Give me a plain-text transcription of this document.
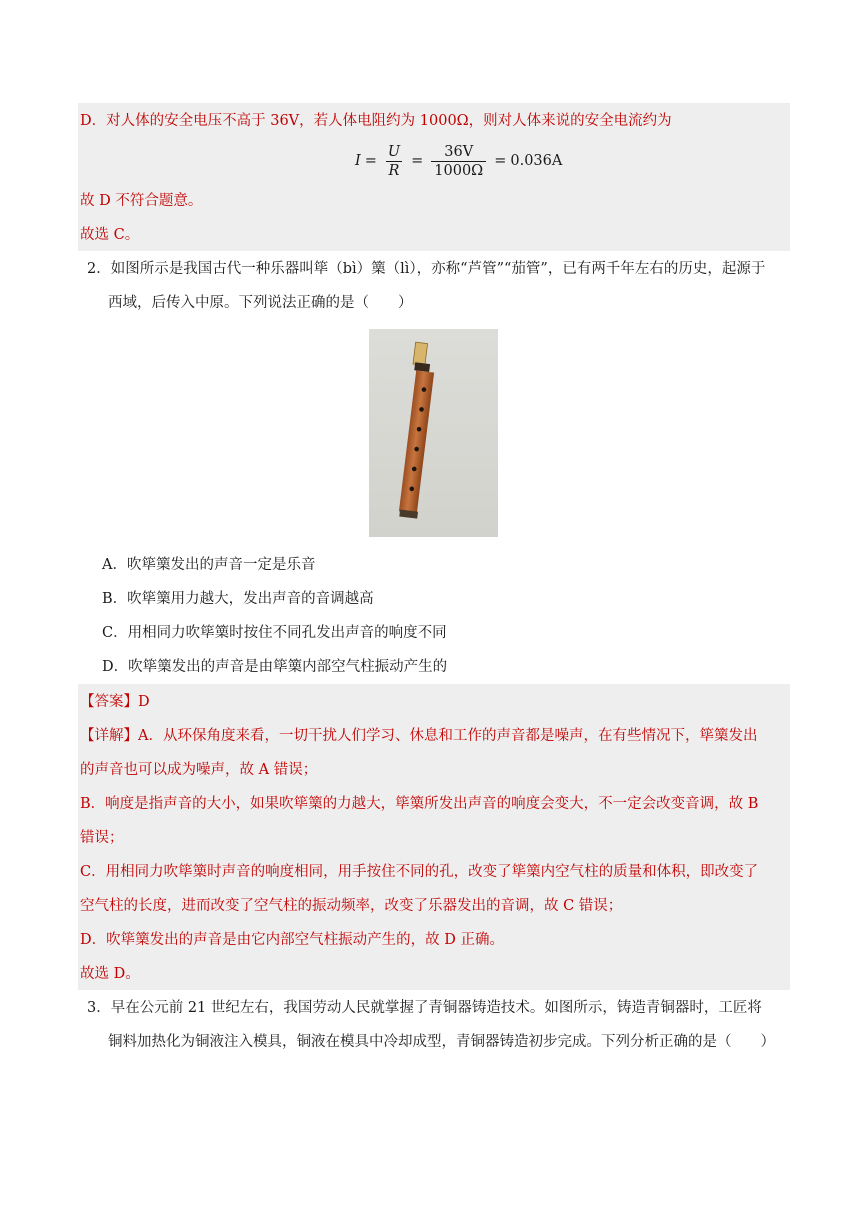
D．对人体的安全电压不高于 36V，若人体电阻约为 1000Ω，则对人体来说的安全电流约为
$I = \frac{U}{R} = \frac{36V}{1000\Omega} = 0.036A$
故 D 不符合题意。
故选 C。
2．如图所示是我国古代一种乐器叫筚（bì）篥（lì），亦称“芦管”“茄管”，已有两千年左右的历史，起源于
西域，后传入中原。下列说法正确的是（　　）
A．吹筚篥发出的声音一定是乐音
B．吹筚篥用力越大，发出声音的音调越高
C．用相同力吹筚篥时按住不同孔发出声音的响度不同
D．吹筚篥发出的声音是由筚篥内部空气柱振动产生的
【答案】D
【详解】A．从环保角度来看，一切干扰人们学习、休息和工作的声音都是噪声，在有些情况下，筚篥发出
的声音也可以成为噪声，故 A 错误；
B．响度是指声音的大小，如果吹筚篥的力越大，筚篥所发出声音的响度会变大，不一定会改变音调，故 B
错误；
C．用相同力吹筚篥时声音的响度相同，用手按住不同的孔，改变了筚篥内空气柱的质量和体积，即改变了
空气柱的长度，进而改变了空气柱的振动频率，改变了乐器发出的音调，故 C 错误；
D．吹筚篥发出的声音是由它内部空气柱振动产生的，故 D 正确。
故选 D。
3．早在公元前 21 世纪左右，我国劳动人民就掌握了青铜器铸造技术。如图所示，铸造青铜器时，工匠将
铜料加热化为铜液注入模具，铜液在模具中冷却成型，青铜器铸造初步完成。下列分析正确的是（　　）
